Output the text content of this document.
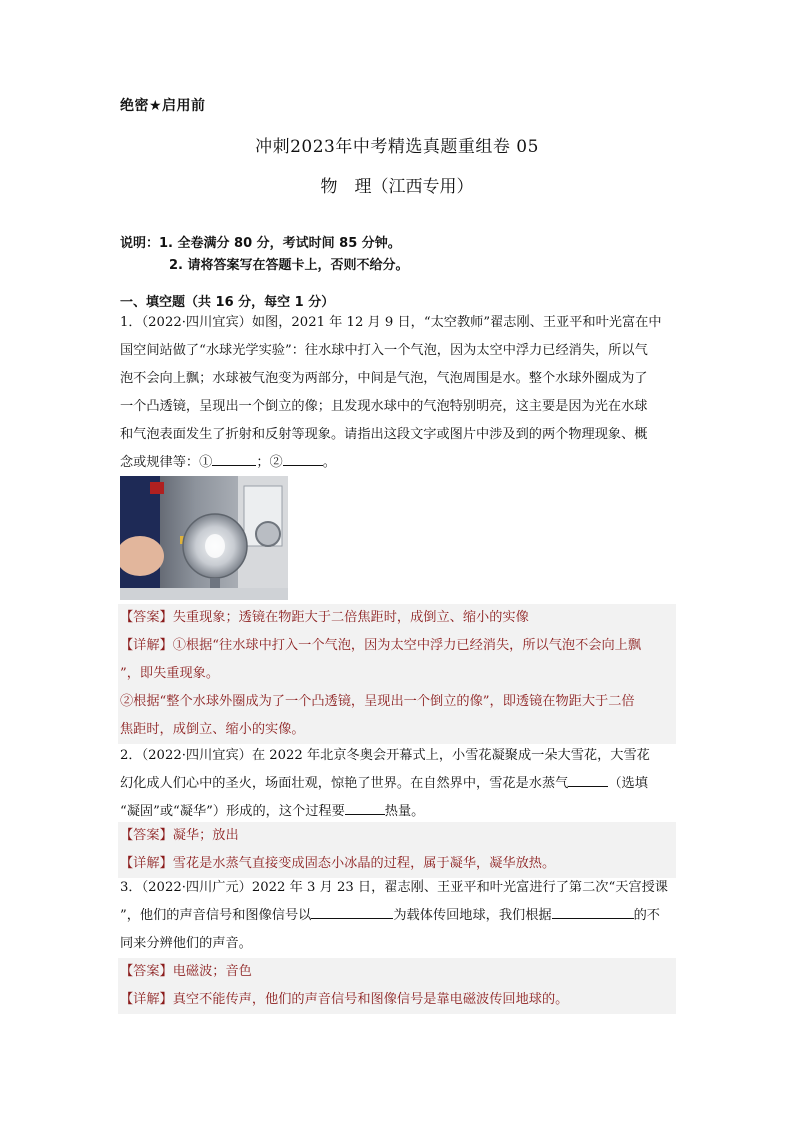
绝密★启用前
冲刺2023年中考精选真题重组卷 05
物　理（江西专用）
说明：1. 全卷满分 80 分，考试时间 85 分钟。
2. 请将答案写在答题卡上，否则不给分。
一、填空题（共 16 分，每空 1 分）
1．（2022·四川宜宾）如图，2021 年 12 月 9 日，“太空教师”翟志刚、王亚平和叶光富在中
国空间站做了“水球光学实验”：往水球中打入一个气泡，因为太空中浮力已经消失，所以气
泡不会向上飘；水球被气泡变为两部分，中间是气泡，气泡周围是水。整个水球外圈成为了
一个凸透镜，呈现出一个倒立的像；且发现水球中的气泡特别明亮，这主要是因为光在水球
和气泡表面发生了折射和反射等现象。请指出这段文字或图片中涉及到的两个物理现象、概
念或规律等：①	；②	。
【答案】失重现象；透镜在物距大于二倍焦距时，成倒立、缩小的实像
【详解】①根据“往水球中打入一个气泡，因为太空中浮力已经消失，所以气泡不会向上飘
”，即失重现象。
②根据“整个水球外圈成为了一个凸透镜，呈现出一个倒立的像”，即透镜在物距大于二倍
焦距时，成倒立、缩小的实像。
2．（2022·四川宜宾）在 2022 年北京冬奥会开幕式上，小雪花凝聚成一朵大雪花，大雪花
幻化成人们心中的圣火，场面壮观，惊艳了世界。在自然界中，雪花是水蒸气	（选填
“凝固”或“凝华”）形成的，这个过程要	热量。
【答案】凝华；放出
【详解】雪花是水蒸气直接变成固态小冰晶的过程，属于凝华，凝华放热。
3．（2022·四川广元）2022 年 3 月 23 日，翟志刚、王亚平和叶光富进行了第二次“天宫授课
”，他们的声音信号和图像信号以	为载体传回地球，我们根据	的不
同来分辨他们的声音。
【答案】电磁波；音色
【详解】真空不能传声，他们的声音信号和图像信号是靠电磁波传回地球的。
